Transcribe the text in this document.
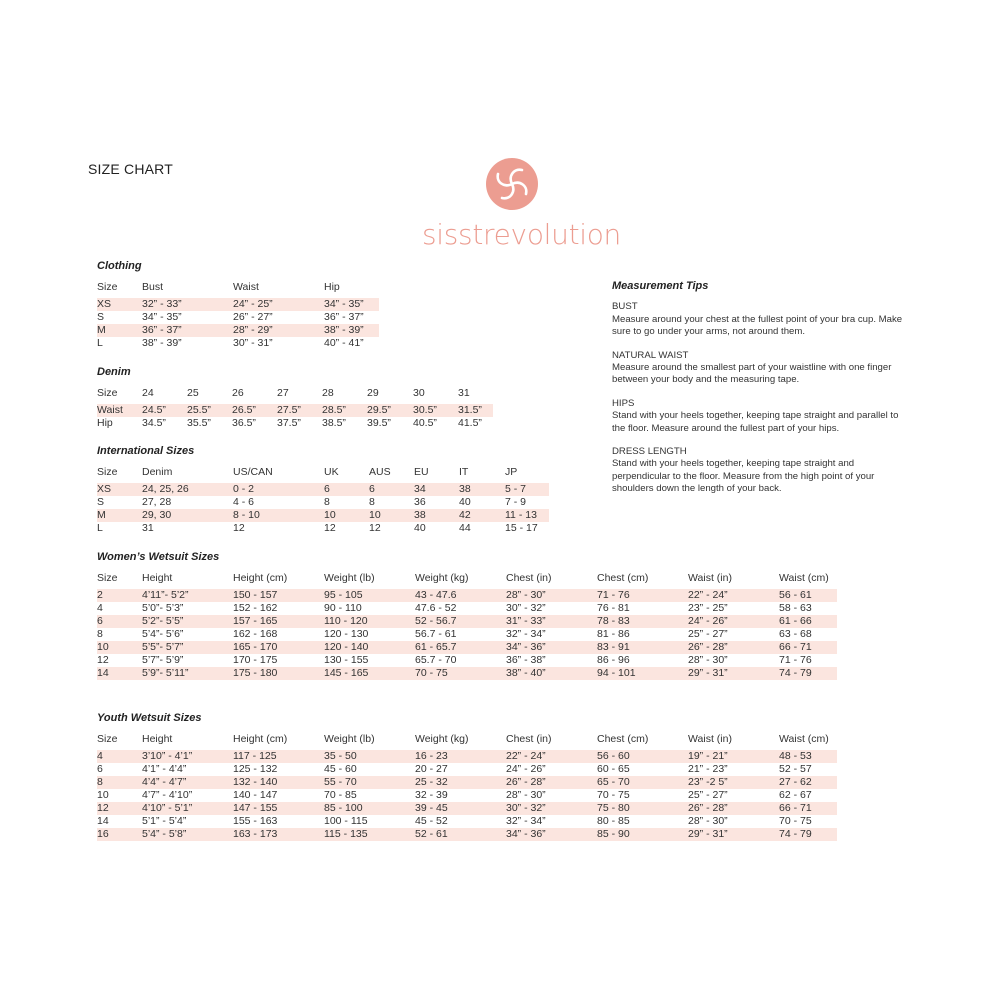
SIZE CHART
sisstrevolution
Clothing
Size	Bust	Waist	Hip
XS	32” - 33”	24” - 25”	34” - 35”
S	34” - 35”	26” - 27”	36” - 37”
M	36” - 37”	28” - 29”	38” - 39”
L	38” - 39”	30” - 31”	40” - 41”
Denim
Size	24	25	26	27	28	29	30	31
Waist	24.5”	25.5”	26.5”	27.5”	28.5”	29.5”	30.5”	31.5”
Hip	34.5”	35.5”	36.5”	37.5”	38.5”	39.5”	40.5”	41.5”
International Sizes
Size	Denim	US/CAN	UK	AUS	EU	IT	JP
XS	24, 25, 26	0 - 2	6	6	34	38	5 - 7
S	27, 28	4 - 6	8	8	36	40	7 - 9
M	29, 30	8 - 10	10	10	38	42	11 - 13
L	31	12	12	12	40	44	15 - 17
Women’s Wetsuit Sizes
Size	Height	Height (cm)	Weight (lb)	Weight (kg)	Chest (in)	Chest (cm)	Waist (in)	Waist (cm)
2	4’11”- 5’2”	150 - 157	95 - 105	43 - 47.6	28” - 30”	71 - 76	22” - 24”	56 - 61
4	5’0”- 5’3”	152 - 162	90 - 110	47.6 - 52	30” - 32”	76 - 81	23” - 25”	58 - 63
6	5’2”- 5’5”	157 - 165	110 - 120	52 - 56.7	31” - 33”	78 - 83	24” - 26”	61 - 66
8	5’4”- 5’6”	162 - 168	120 - 130	56.7 - 61	32” - 34”	81 - 86	25” - 27”	63 - 68
10	5’5”- 5’7”	165 - 170	120 - 140	61 - 65.7	34” - 36”	83 - 91	26” - 28”	66 - 71
12	5’7”- 5’9”	170 - 175	130 - 155	65.7 - 70	36” - 38”	86 - 96	28” - 30”	71 - 76
14	5’9”- 5’11”	175 - 180	145 - 165	70 - 75	38” - 40”	94 - 101	29” - 31”	74 - 79
Youth Wetsuit Sizes
Size	Height	Height (cm)	Weight (lb)	Weight (kg)	Chest (in)	Chest (cm)	Waist (in)	Waist (cm)
4	3’10” - 4’1”	117 - 125	35 - 50	16 - 23	22” - 24”	56 - 60	19” - 21”	48 - 53
6	4’1” - 4’4”	125 - 132	45 - 60	20 - 27	24” - 26”	60 - 65	21” - 23”	52 - 57
8	4’4” - 4’7”	132 - 140	55 - 70	25 - 32	26” - 28”	65 - 70	23” -2 5”	27 - 62
10	4’7” - 4’10”	140 - 147	70 - 85	32 - 39	28” - 30”	70 - 75	25” - 27”	62 - 67
12	4’10” - 5’1”	147 - 155	85 - 100	39 - 45	30” - 32”	75 - 80	26” - 28”	66 - 71
14	5’1” - 5’4”	155 - 163	100 - 115	45 - 52	32” - 34”	80 - 85	28” - 30”	70 - 75
16	5’4” - 5’8”	163 - 173	115 - 135	52 - 61	34” - 36”	85 - 90	29” - 31”	74 - 79
Measurement Tips
BUST
Measure around your chest at the fullest point of your bra cup. Make sure to go under your arms, not around them.
NATURAL WAIST
Measure around the smallest part of your waistline with one finger between your body and the measuring tape.
HIPS
Stand with your heels together, keeping tape straight and parallel to the floor. Measure around the fullest part of your hips.
DRESS LENGTH
Stand with your heels together, keeping tape straight and perpendicular to the floor. Measure from the high point of your shoulders down the length of your back.
